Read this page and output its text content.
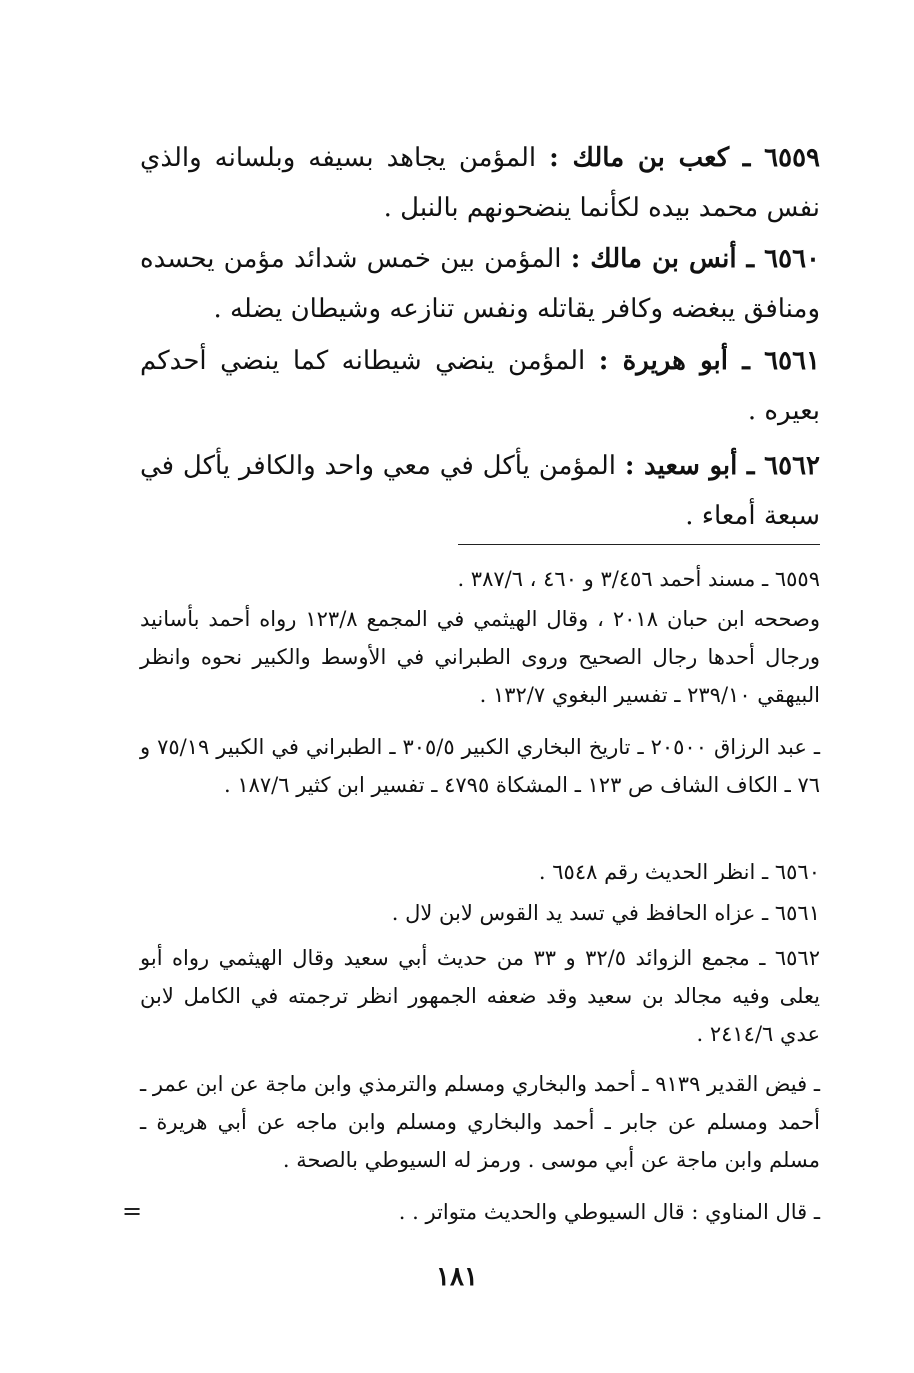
٦٥٥٩ ـ كعب بن مالك : المؤمن يجاهد بسيفه وبلسانه والذي نفس محمد بيده لكأنما ينضحونهم بالنبل .
٦٥٦٠ ـ أنس بن مالك : المؤمن بين خمس شدائد مؤمن يحسده ومنافق يبغضه وكافر يقاتله ونفس تنازعه وشيطان يضله .
٦٥٦١ ـ أبو هريرة : المؤمن ينضي شيطانه كما ينضي أحدكم بعيره .
٦٥٦٢ ـ أبو سعيد : المؤمن يأكل في معي واحد والكافر يأكل في سبعة أمعاء .
٦٥٥٩ ـ مسند أحمد ٣/٤٥٦ و ٤٦٠ ، ٣٨٧/٦ .
وصححه ابن حبان ٢٠١٨ ، وقال الهيثمي في المجمع ١٢٣/٨ رواه أحمد بأسانيد ورجال أحدها رجال الصحيح وروى الطبراني في الأوسط والكبير نحوه وانظر البيهقي ٢٣٩/١٠ ـ تفسير البغوي ١٣٢/٧ .
ـ عبد الرزاق ٢٠٥٠٠ ـ تاريخ البخاري الكبير ٣٠٥/٥ ـ الطبراني في الكبير ٧٥/١٩ و ٧٦ ـ الكاف الشاف ص ١٢٣ ـ المشكاة ٤٧٩٥ ـ تفسير ابن كثير ١٨٧/٦ .
٦٥٦٠ ـ انظر الحديث رقم ٦٥٤٨ .
٦٥٦١ ـ عزاه الحافظ في تسد يد القوس لابن لال .
٦٥٦٢ ـ مجمع الزوائد ٣٢/٥ و ٣٣ من حديث أبي سعيد وقال الهيثمي رواه أبو يعلى وفيه مجالد بن سعيد وقد ضعفه الجمهور انظر ترجمته في الكامل لابن عدي ٢٤١٤/٦ .
ـ فيض القدير ٩١٣٩ ـ أحمد والبخاري ومسلم والترمذي وابن ماجة عن ابن عمر ـ أحمد ومسلم عن جابر ـ أحمد والبخاري ومسلم وابن ماجه عن أبي هريرة ـ مسلم وابن ماجة عن أبي موسى . ورمز له السيوطي بالصحة .
ـ قال المناوي : قال السيوطي والحديث متواتر . .
=
١٨١
